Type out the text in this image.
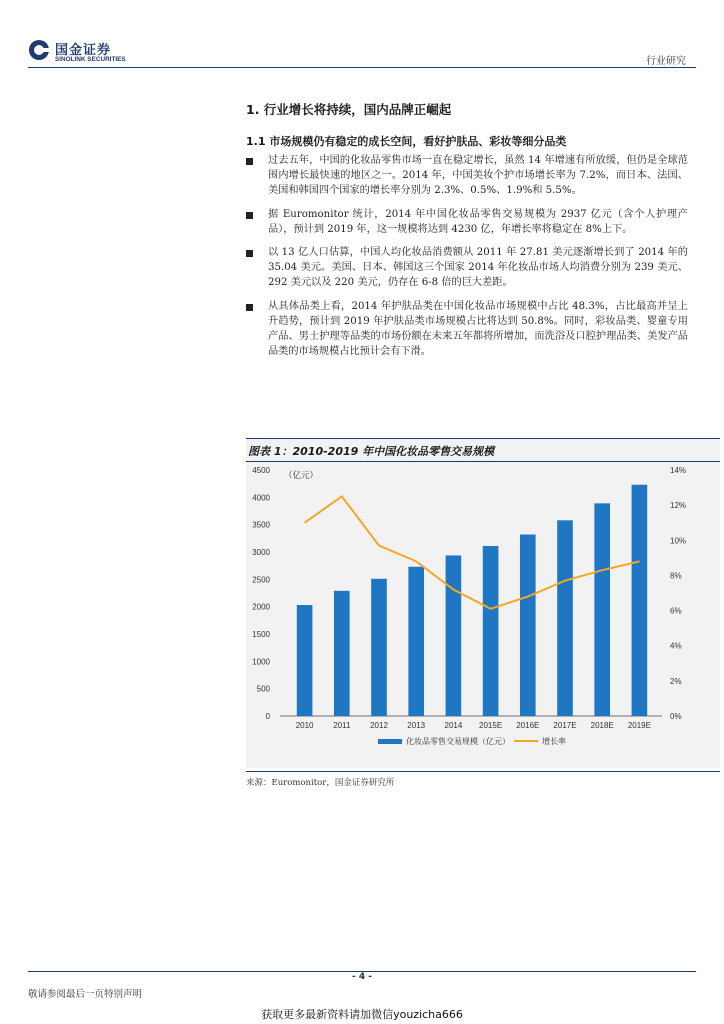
国金证券
SINOLINK SECURITIES	行业研究
1. 行业增长将持续，国内品牌正崛起
1.1 市场规模仍有稳定的成长空间，看好护肤品、彩妆等细分品类
过去五年，中国的化妆品零售市场一直在稳定增长，虽然 14 年增速有所放缓，但仍是全球范围内增长最快速的地区之一。2014 年，中国美妆个护市场增长率为 7.2%，而日本、法国、美国和韩国四个国家的增长率分别为 2.3%、0.5%、1.9%和 5.5%。
据 Euromonitor 统计，2014 年中国化妆品零售交易规模为 2937 亿元（含个人护理产品），预计到 2019 年，这一规模将达到 4230 亿，年增长率将稳定在 8%上下。
以 13 亿人口估算，中国人均化妆品消费额从 2011 年 27.81 美元逐渐增长到了 2014 年的 35.04 美元。美国、日本、韩国这三个国家 2014 年化妆品市场人均消费分别为 239 美元、292 美元以及 220 美元，仍存在 6-8 倍的巨大差距。
从具体品类上看，2014 年护肤品类在中国化妆品市场规模中占比 48.3%，占比最高并呈上升趋势，预计到 2019 年护肤品类市场规模占比将达到 50.8%。同时，彩妆品类、婴童专用产品、男士护理等品类的市场份额在未来五年都将所增加，而洗浴及口腔护理品类、美发产品品类的市场规模占比预计会有下滑。
图表 1：2010-2019 年中国化妆品零售交易规模
0
500
1000
1500
2000
2500
3000
3500
4000
4500
0%
2%
4%
6%
8%
10%
12%
14%
（亿元）
2010 2011 2012 2013 2014 2015E 2016E 2017E 2018E 2019E
化妆品零售交易规模（亿元）	增长率
来源：Euromonitor，国金证券研究所
- 4 -
敬请参阅最后一页特别声明
获取更多最新资料请加微信youzicha666
